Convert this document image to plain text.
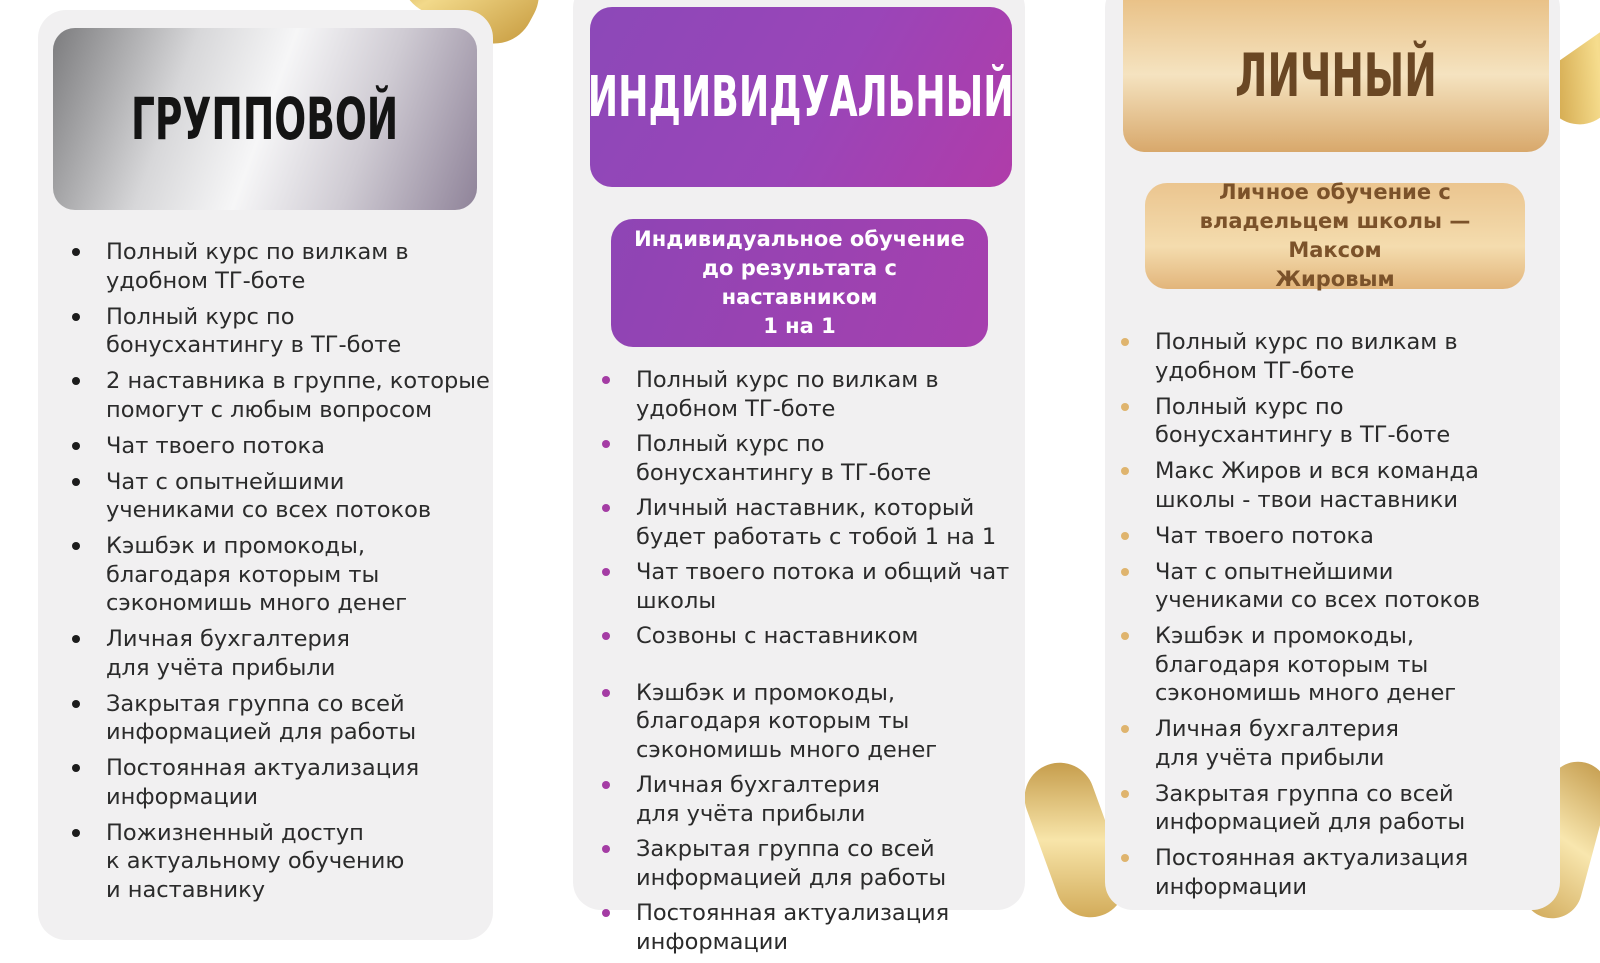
ГРУППОВОЙ
Полный курс по вилкам в
удобном ТГ-боте
Полный курс по
бонусхантингу в ТГ-боте
2 наставника в группе, которые
помогут с любым вопросом
Чат твоего потока
Чат с опытнейшими
учениками со всех потоков
Кэшбэк и промокоды,
благодаря которым ты
сэкономишь много денег
Личная бухгалтерия
для учёта прибыли
Закрытая группа со всей
информацией для работы
Постоянная актуализация
информации
Пожизненный доступ
к актуальному обучению
и наставнику
ИНДИВИДУАЛЬНЫЙ
Индивидуальное обучение
до результата с наставником
1 на 1
Полный курс по вилкам в
удобном ТГ-боте
Полный курс по
бонусхантингу в ТГ-боте
Личный наставник, который
будет работать с тобой 1 на 1
Чат твоего потока и общий чат школы
Созвоны с наставником
Кэшбэк и промокоды,
благодаря которым ты
сэкономишь много денег
Личная бухгалтерия
для учёта прибыли
Закрытая группа со всей
информацией для работы
Постоянная актуализация
информации
ЛИЧНЫЙ
Личное обучение с
владельцем школы — Максом
Жировым
Полный курс по вилкам в
удобном ТГ-боте
Полный курс по
бонусхантингу в ТГ-боте
Макс Жиров и вся команда
школы - твои наставники
Чат твоего потока
Чат с опытнейшими
учениками со всех потоков
Кэшбэк и промокоды,
благодаря которым ты
сэкономишь много денег
Личная бухгалтерия
для учёта прибыли
Закрытая группа со всей
информацией для работы
Постоянная актуализация
информации
